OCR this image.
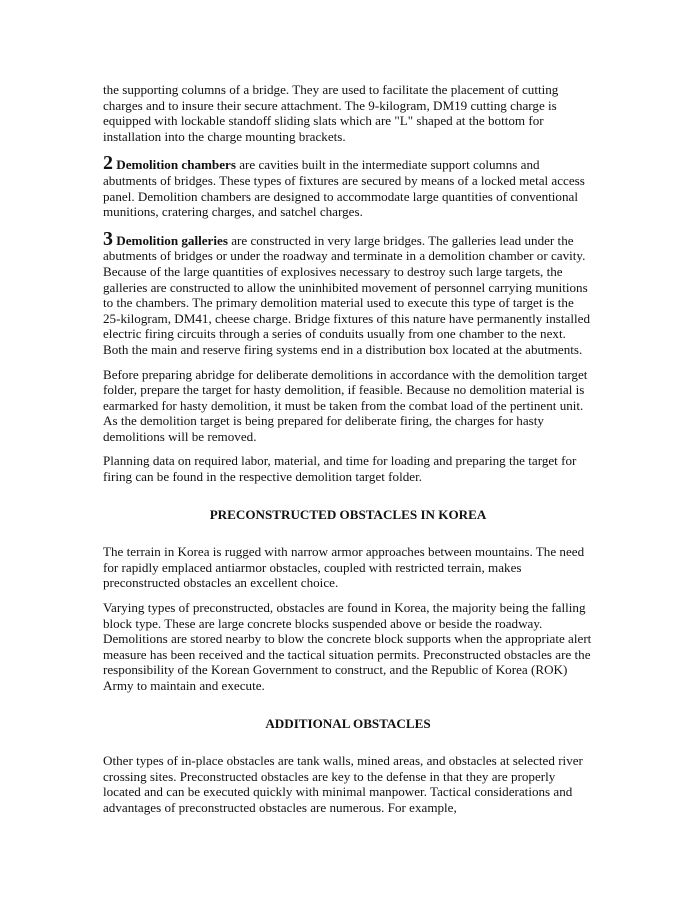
the supporting columns of a bridge. They are used to facilitate the placement of cutting charges and to insure their secure attachment. The 9-kilogram, DM19 cutting charge is equipped with lockable standoff sliding slats which are "L" shaped at the bottom for installation into the charge mounting brackets.

2 Demolition chambers are cavities built in the intermediate support columns and abutments of bridges. These types of fixtures are secured by means of a locked metal access panel. Demolition chambers are designed to accommodate large quantities of conventional munitions, cratering charges, and satchel charges.

3 Demolition galleries are constructed in very large bridges. The galleries lead under the abutments of bridges or under the roadway and terminate in a demolition chamber or cavity. Because of the large quantities of explosives necessary to destroy such large targets, the galleries are constructed to allow the uninhibited movement of personnel carrying munitions to the chambers. The primary demolition material used to execute this type of target is the 25-kilogram, DM41, cheese charge. Bridge fixtures of this nature have permanently installed electric firing circuits through a series of conduits usually from one chamber to the next. Both the main and reserve firing systems end in a distribution box located at the abutments.

Before preparing abridge for deliberate demolitions in accordance with the demolition target folder, prepare the target for hasty demolition, if feasible. Because no demolition material is earmarked for hasty demolition, it must be taken from the combat load of the pertinent unit. As the demolition target is being prepared for deliberate firing, the charges for hasty demolitions will be removed.

Planning data on required labor, material, and time for loading and preparing the target for firing can be found in the respective demolition target folder.

PRECONSTRUCTED OBSTACLES IN KOREA

The terrain in Korea is rugged with narrow armor approaches between mountains. The need for rapidly emplaced antiarmor obstacles, coupled with restricted terrain, makes preconstructed obstacles an excellent choice.

Varying types of preconstructed, obstacles are found in Korea, the majority being the falling block type. These are large concrete blocks suspended above or beside the roadway. Demolitions are stored nearby to blow the concrete block supports when the appropriate alert measure has been received and the tactical situation permits. Preconstructed obstacles are the responsibility of the Korean Government to construct, and the Republic of Korea (ROK) Army to maintain and execute.

ADDITIONAL OBSTACLES

Other types of in-place obstacles are tank walls, mined areas, and obstacles at selected river crossing sites. Preconstructed obstacles are key to the defense in that they are properly located and can be executed quickly with minimal manpower. Tactical considerations and advantages of preconstructed obstacles are numerous. For example,
